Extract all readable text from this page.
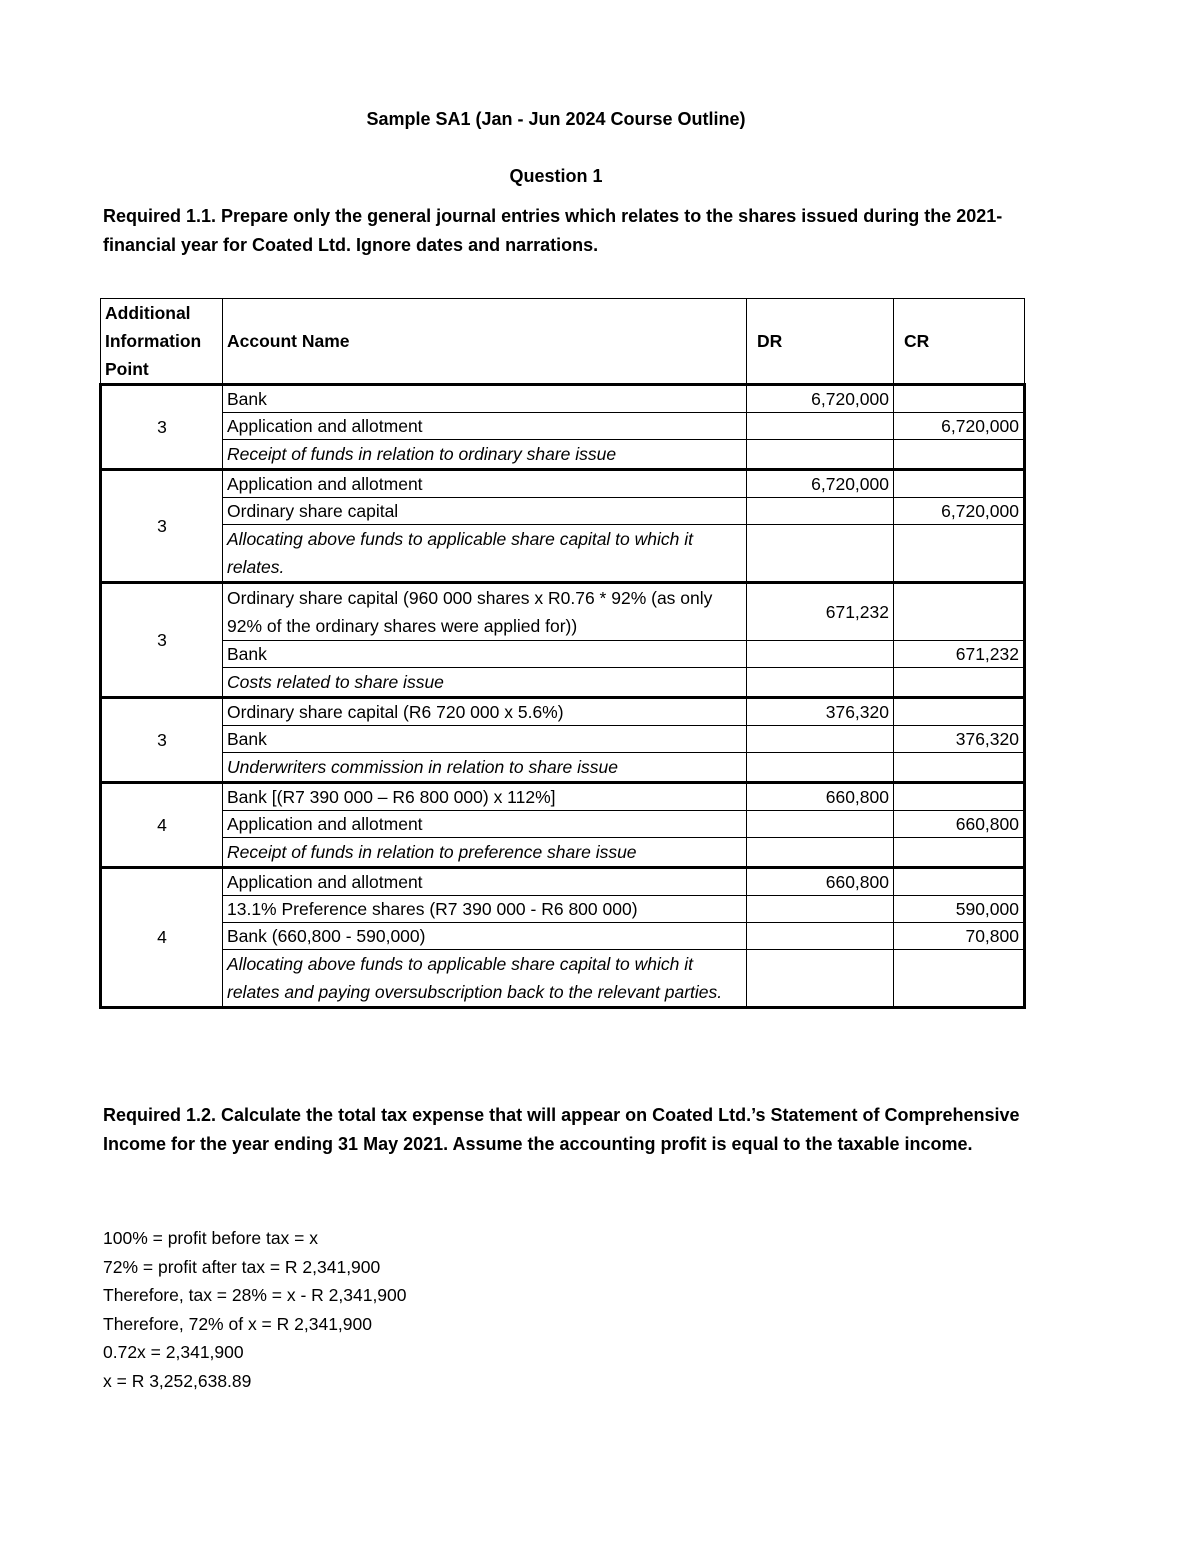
Sample SA1 (Jan - Jun 2024 Course Outline)
Question 1
Required 1.1. Prepare only the general journal entries which relates to the shares issued during the 2021-financial year for Coated Ltd. Ignore dates and narrations.
Additional Information Point	Account Name	DR	CR
3	Bank	6,720,000	
	Application and allotment		6,720,000
	Receipt of funds in relation to ordinary share issue		
3	Application and allotment	6,720,000	
	Ordinary share capital		6,720,000
	Allocating above funds to applicable share capital to which it relates.		
3	Ordinary share capital (960 000 shares x R0.76 * 92% (as only 92% of the ordinary shares were applied for))	671,232	
	Bank		671,232
	Costs related to share issue		
3	Ordinary share capital (R6 720 000 x 5.6%)	376,320	
	Bank		376,320
	Underwriters commission in relation to share issue		
4	Bank [(R7 390 000 – R6 800 000) x 112%]	660,800	
	Application and allotment		660,800
	Receipt of funds in relation to preference share issue		
4	Application and allotment	660,800	
	13.1% Preference shares (R7 390 000 - R6 800 000)		590,000
	Bank (660,800 - 590,000)		70,800
	Allocating above funds to applicable share capital to which it relates and paying oversubscription back to the relevant parties.		
Required 1.2. Calculate the total tax expense that will appear on Coated Ltd.’s Statement of Comprehensive Income for the year ending 31 May 2021. Assume the accounting profit is equal to the taxable income.
100% = profit before tax = x
72% = profit after tax = R 2,341,900
Therefore, tax = 28% = x - R 2,341,900
Therefore, 72% of x = R 2,341,900
0.72x = 2,341,900
x = R 3,252,638.89
